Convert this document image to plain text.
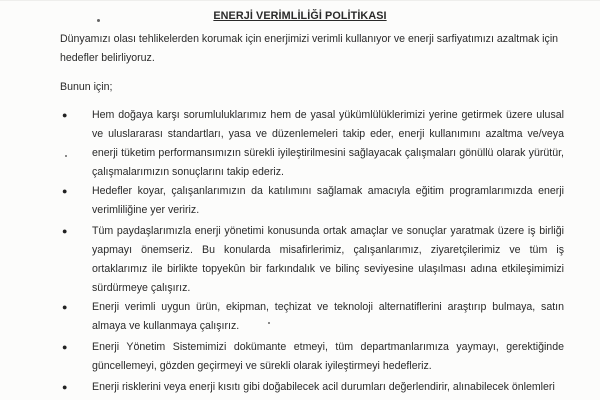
ENERJİ VERİMLİLİĞİ POLİTİKASI
Dünyamızı olası tehlikelerden korumak için enerjimizi verimli kullanıyor ve enerji sarfiyatımızı azaltmak için hedefler belirliyoruz.
Bunun için;
● Hem doğaya karşı sorumluluklarımız hem de yasal yükümlülüklerimizi yerine getirmek üzere ulusal ve uluslararası standartları, yasa ve düzenlemeleri takip eder, enerji kullanımını azaltma ve/veya enerji tüketim performansımızın sürekli iyileştirilmesini sağlayacak çalışmaları gönüllü olarak yürütür, çalışmalarımızın sonuçlarını takip ederiz.
● Hedefler koyar, çalışanlarımızın da katılımını sağlamak amacıyla eğitim programlarımızda enerji verimliliğine yer veririz.
● Tüm paydaşlarımızla enerji yönetimi konusunda ortak amaçlar ve sonuçlar yaratmak üzere iş birliği yapmayı önemseriz. Bu konularda misafirlerimiz, çalışanlarımız, ziyaretçilerimiz ve tüm iş ortaklarımız ile birlikte topyekûn bir farkındalık ve bilinç seviyesine ulaşılması adına etkileşimimizi sürdürmeye çalışırız.
● Enerji verimli uygun ürün, ekipman, teçhizat ve teknoloji alternatiflerini araştırıp bulmaya, satın almaya ve kullanmaya çalışırız.
● Enerji Yönetim Sistemimizi dokümante etmeyi, tüm departmanlarımıza yaymayı, gerektiğinde güncellemeyi, gözden geçirmeyi ve sürekli olarak iyileştirmeyi hedefleriz.
● Enerji risklerini veya enerji kısıtı gibi doğabilecek acil durumları değerlendirir, alınabilecek önlemleri
